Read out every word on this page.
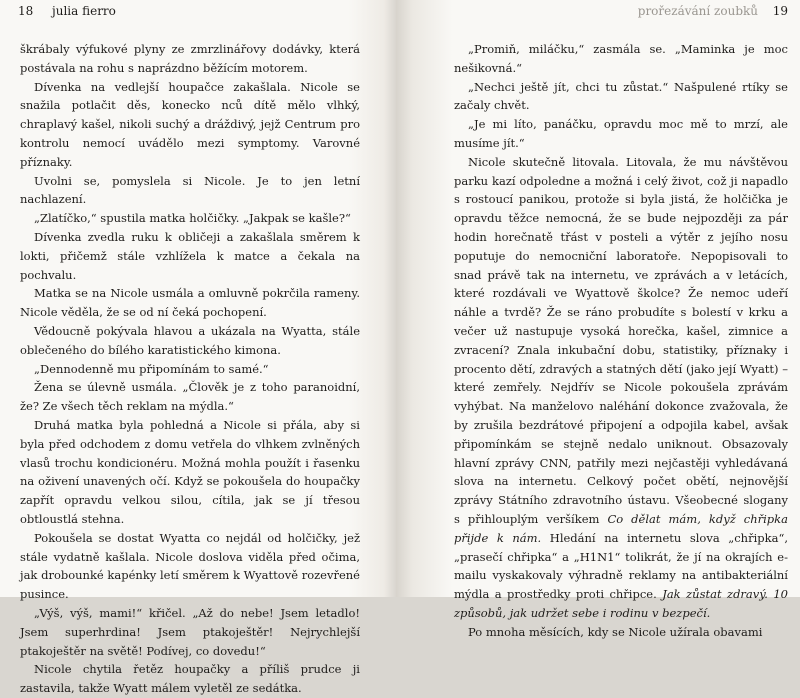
18 julia fierro

škrábaly výfukové plyny ze zmrzlinářovy dodávky, která postávala na rohu s naprázdno běžícím motorem.

Dívenka na vedlejší houpačce zakašlala. Nicole se snažila potlačit děs, konecko nců dítě mělo vlhký, chraplavý kašel, nikoli suchý a dráždivý, jejž Centrum pro kontrolu nemocí uvádělo mezi symptomy. Varovné příznaky.

Uvolni se, pomyslela si Nicole. Je to jen letní nachlazení.

„Zlatíčko,“ spustila matka holčičky. „Jakpak se kašle?“

Dívenka zvedla ruku k obličeji a zakašlala směrem k lokti, přičemž stále vzhlížela k matce a čekala na pochvalu.

Matka se na Nicole usmála a omluvně pokrčila rameny. Nicole věděla, že se od ní čeká pochopení.

Vědoucně pokývala hlavou a ukázala na Wyatta, stále oblečeného do bílého karatistického kimona.

„Dennodenně mu připomínám to samé.“

Žena se úlevně usmála. „Člověk je z toho paranoidní, že? Ze všech těch reklam na mýdla.“

Druhá matka byla pohledná a Nicole si přála, aby si byla před odchodem z domu vetřela do vlhkem zvlněných vlasů trochu kondicionéru. Možná mohla použít i řasenku na oživení unavených očí. Když se pokoušela do houpačky zapřít opravdu velkou silou, cítila, jak se jí třesou obtloustlá stehna.

Pokoušela se dostat Wyatta co nejdál od holčičky, jež stále vydatně kašlala. Nicole doslova viděla před očima, jak drobounké kapénky letí směrem k Wyattově rozevřené pusince.

„Výš, výš, mami!“ křičel. „Až do nebe! Jsem letadlo! Jsem superhrdina! Jsem ptakoještěr! Nejrychlejší ptakoještěr na světě! Podívej, co dovedu!“

Nicole chytila řetěz houpačky a příliš prudce ji zastavila, takže Wyatt málem vyletěl ze sedátka.

prořezávání zoubků 19

„Promiň, miláčku,“ zasmála se. „Maminka je moc nešikovná.“

„Nechci ještě jít, chci tu zůstat.“ Našpulené rtíky se začaly chvět.

„Je mi líto, panáčku, opravdu moc mě to mrzí, ale musíme jít.“

Nicole skutečně litovala. Litovala, že mu návštěvou parku kazí odpoledne a možná i celý život, což ji napadlo s rostoucí panikou, protože si byla jistá, že holčička je opravdu těžce nemocná, že se bude nejpozději za pár hodin horečnatě třást v posteli a výtěr z jejího nosu poputuje do nemocniční laboratoře. Nepopisovali to snad právě tak na internetu, ve zprávách a v letácích, které rozdávali ve Wyattově školce? Že nemoc udeří náhle a tvrdě? Že se ráno probudíte s bolestí v krku a večer už nastupuje vysoká horečka, kašel, zimnice a zvracení? Znala inkubační dobu, statistiky, příznaky i procento dětí, zdravých a statných dětí (jako její Wyatt) – které zemřely. Nejdřív se Nicole pokoušela zprávám vyhýbat. Na manželovo naléhání dokonce zvažovala, že by zrušila bezdrátové připojení a odpojila kabel, avšak připomínkám se stejně nedalo uniknout. Obsazovaly hlavní zprávy CNN, patřily mezi nejčastěji vyhledávaná slova na internetu. Celkový počet obětí, nejnovější zprávy Státního zdravotního ústavu. Všeobecné slogany s přihlouplým veršíkem Co dělat mám, když chřipka přijde k nám. Hledání na internetu slova „chřipka“, „prasečí chřipka“ a „H1N1“ tolikrát, že jí na okrajích e-mailu vyskakovaly výhradně reklamy na antibakteriální mýdla a prostředky proti chřipce. Jak zůstat zdravý. 10 způsobů, jak udržet sebe i rodinu v bezpečí.

Po mnoha měsících, kdy se Nicole užírala obavami
